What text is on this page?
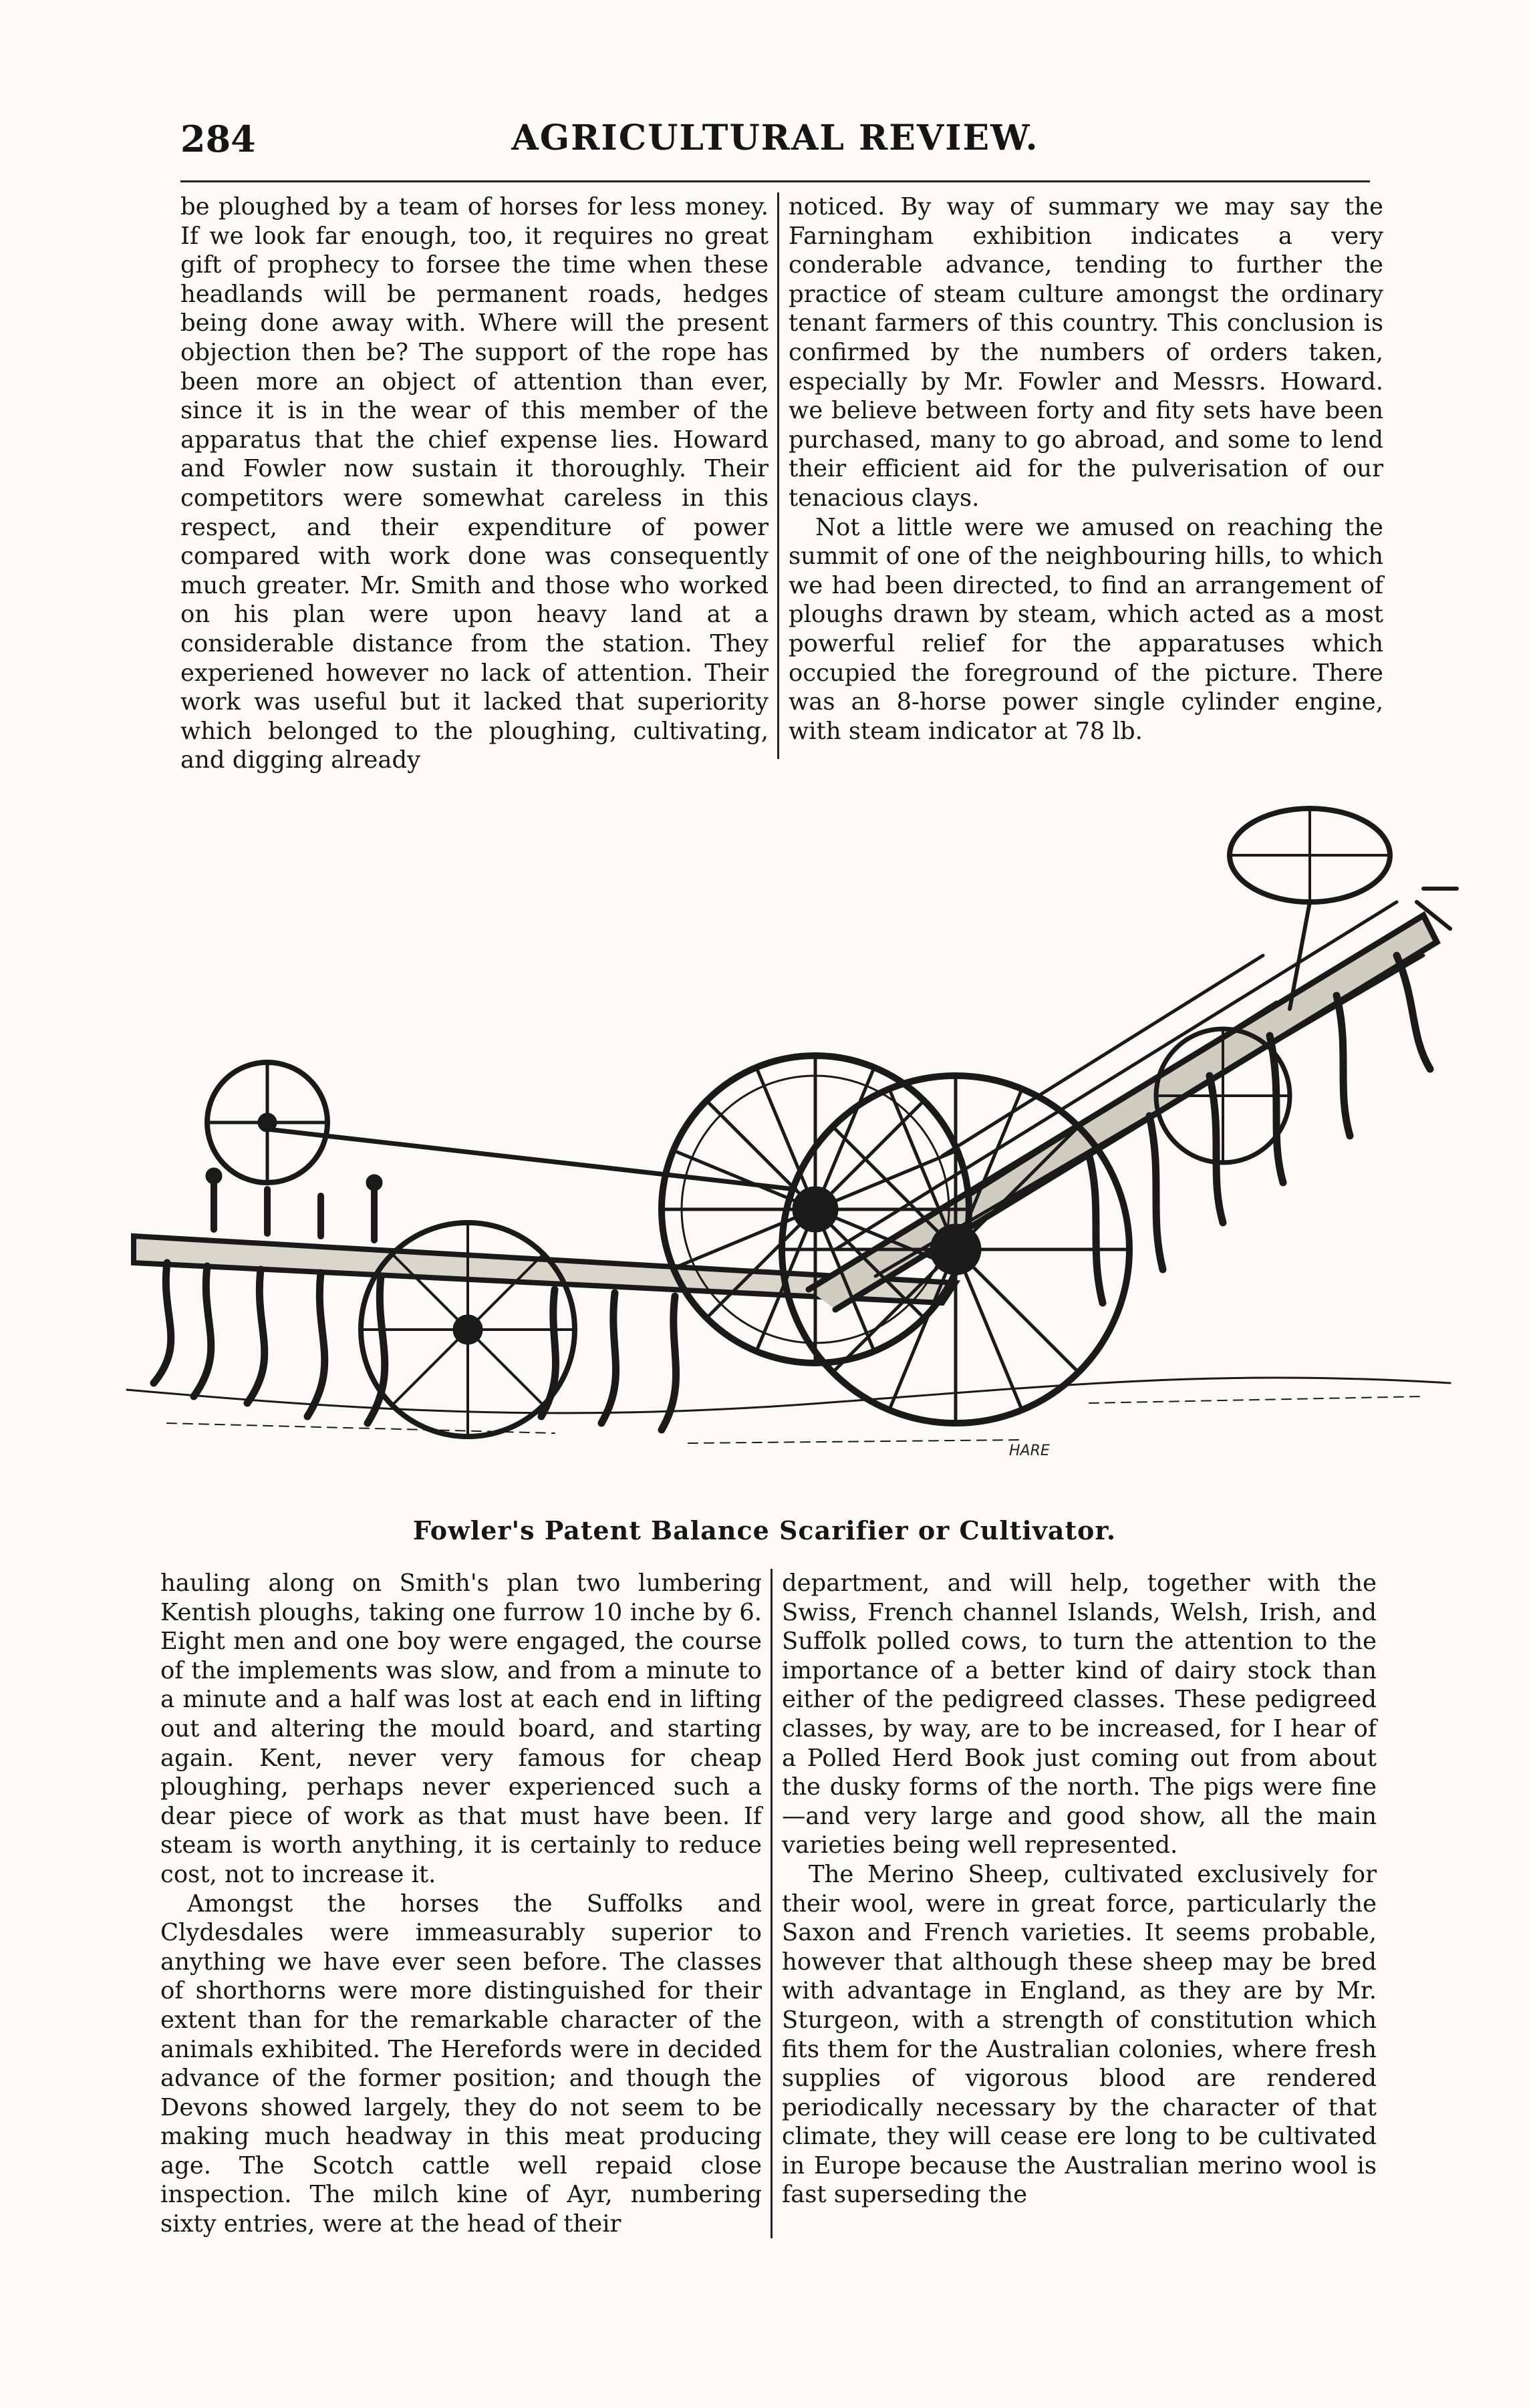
284	AGRICULTURAL REVIEW.

be ploughed by a team of horses for less money. If we look far enough, too, it requires no great gift of prophecy to forsee the time when these headlands will be permanent roads, hedges being done away with. Where will the present objection then be? The support of the rope has been more an object of attention than ever, since it is in the wear of this member of the apparatus that the chief expense lies. Howard and Fowler now sustain it thoroughly. Their competitors were somewhat careless in this respect, and their expenditure of power compared with work done was consequently much greater. Mr. Smith and those who worked on his plan were upon heavy land at a considerable distance from the station. They experiened however no lack of attention. Their work was useful but it lacked that superiority which belonged to the ploughing, cultivating, and digging already

noticed. By way of summary we may say the Farningham exhibition indicates a very conderable advance, tending to further the practice of steam culture amongst the ordinary tenant farmers of this country. This conclusion is confirmed by the numbers of orders taken, especially by Mr. Fowler and Messrs. Howard. we believe between forty and fity sets have been purchased, many to go abroad, and some to lend their efficient aid for the pulverisation of our tenacious clays.

Not a little were we amused on reaching the summit of one of the neighbouring hills, to which we had been directed, to find an arrangement of ploughs drawn by steam, which acted as a most powerful relief for the apparatuses which occupied the foreground of the picture. There was an 8-horse power single cylinder engine, with steam indicator at 78 lb.

HARE
Fowler's Patent Balance Scarifier or Cultivator.

hauling along on Smith's plan two lumbering Kentish ploughs, taking one furrow 10 inche by 6. Eight men and one boy were engaged, the course of the implements was slow, and from a minute to a minute and a half was lost at each end in lifting out and altering the mould board, and starting again. Kent, never very famous for cheap ploughing, perhaps never experienced such a dear piece of work as that must have been. If steam is worth anything, it is certainly to reduce cost, not to increase it.

Amongst the horses the Suffolks and Clydesdales were immeasurably superior to anything we have ever seen before. The classes of shorthorns were more distinguished for their extent than for the remarkable character of the animals exhibited. The Herefords were in decided advance of the former position; and though the Devons showed largely, they do not seem to be making much headway in this meat producing age. The Scotch cattle well repaid close inspection. The milch kine of Ayr, numbering sixty entries, were at the head of their

department, and will help, together with the Swiss, French channel Islands, Welsh, Irish, and Suffolk polled cows, to turn the attention to the importance of a better kind of dairy stock than either of the pedigreed classes. These pedigreed classes, by way, are to be increased, for I hear of a Polled Herd Book just coming out from about the dusky forms of the north. The pigs were fine—and very large and good show, all the main varieties being well represented.

The Merino Sheep, cultivated exclusively for their wool, were in great force, particularly the Saxon and French varieties. It seems probable, however that although these sheep may be bred with advantage in England, as they are by Mr. Sturgeon, with a strength of constitution which fits them for the Australian colonies, where fresh supplies of vigorous blood are rendered periodically necessary by the character of that climate, they will cease ere long to be cultivated in Europe because the Australian merino wool is fast superseding the
